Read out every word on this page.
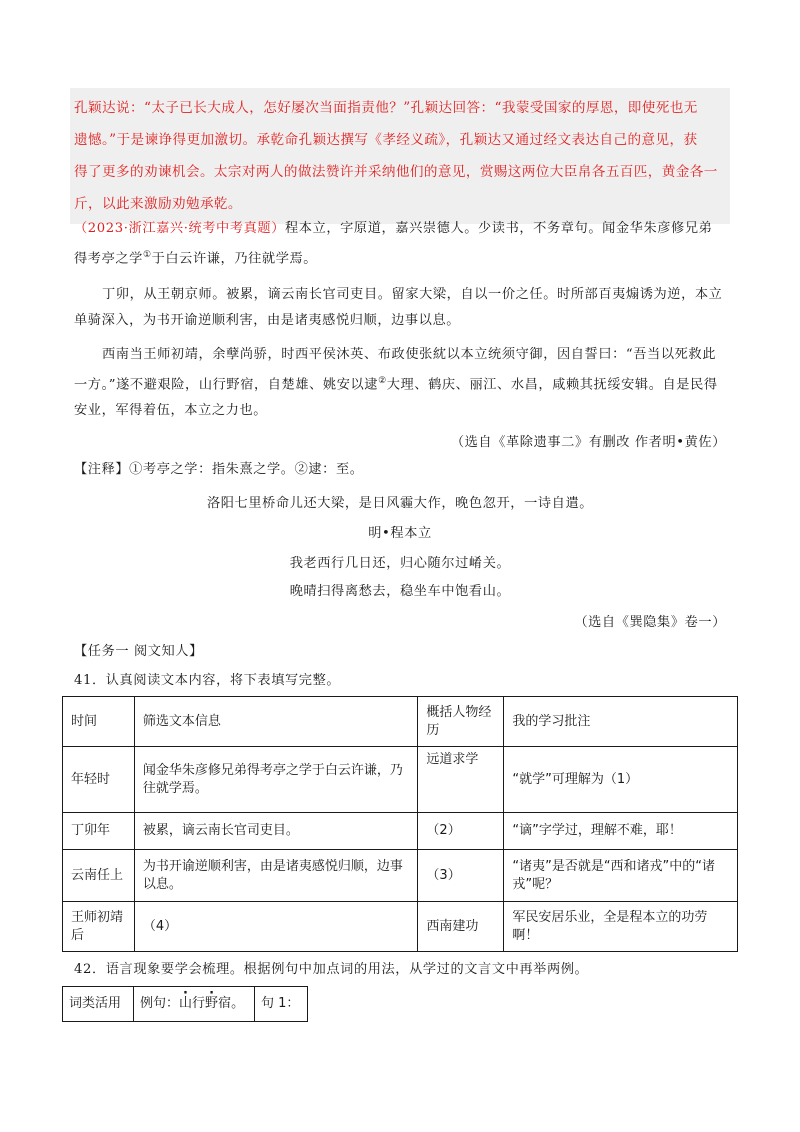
孔颖达说：“太子已长大成人，怎好屡次当面指责他？”孔颖达回答：“我蒙受国家的厚恩，即使死也无

遗憾。”于是谏诤得更加激切。承乾命孔颖达撰写《孝经义疏》，孔颖达又通过经文表达自己的意见，获

得了更多的劝谏机会。太宗对两人的做法赞许并采纳他们的意见，赏赐这两位大臣帛各五百匹，黄金各一

斤，以此来激励劝勉承乾。

（2023·浙江嘉兴·统考中考真题）程本立，字原道，嘉兴崇德人。少读书，不务章句。闻金华朱彦修兄弟
得考亭之学①于白云许谦，乃往就学焉。

丁卯，从王朝京师。被累，谪云南长官司吏目。留家大梁，自以一价之任。时所部百夷煽诱为逆，本立单骑深入，为书开谕逆顺利害，由是诸夷感悦归顺，边事以息。

西南当王师初靖，余孽尚骄，时西平侯沐英、布政使张紞以本立统须守御，因自誓曰：“吾当以死救此一方。”遂不避艰险，山行野宿，自楚雄、姚安以逮②大理、鹤庆、丽江、水昌，咸赖其抚绥安辑。自是民得安业，军得着伍，本立之力也。

（选自《革除遗事二》有删改 作者明•黄佐）
【注释】①考亭之学：指朱熹之学。②逮：至。
洛阳七里桥命儿还大梁，是日风霾大作，晚色忽开，一诗自遣。
明•程本立
我老西行几日还，归心随尔过崤关。
晚晴扫得离愁去，稳坐车中饱看山。
（选自《巽隐集》卷一）
【任务一 阅文知人】
41．认真阅读文本内容，将下表填写完整。
时间	筛选文本信息	概括人物经历	我的学习批注
年轻时	闻金华朱彦修兄弟得考亭之学于白云许谦，乃往就学焉。	远道求学	“就学”可理解为（1）
丁卯年	被累，谪云南长官司吏目。	（2）	“谪”字学过，理解不难，耶！
云南任上	为书开谕逆顺利害，由是诸夷感悦归顺，边事以息。	（3）	“诸夷”是否就是“西和诸戎”中的“诸戎”呢？
王师初靖后	（4）	西南建功	军民安居乐业，全是程本立的功劳啊！
42．语言现象要学会梳理。根据例句中加点词的用法，从学过的文言文中再举两例。
词类活用	例句：山行野宿。	句 1：
